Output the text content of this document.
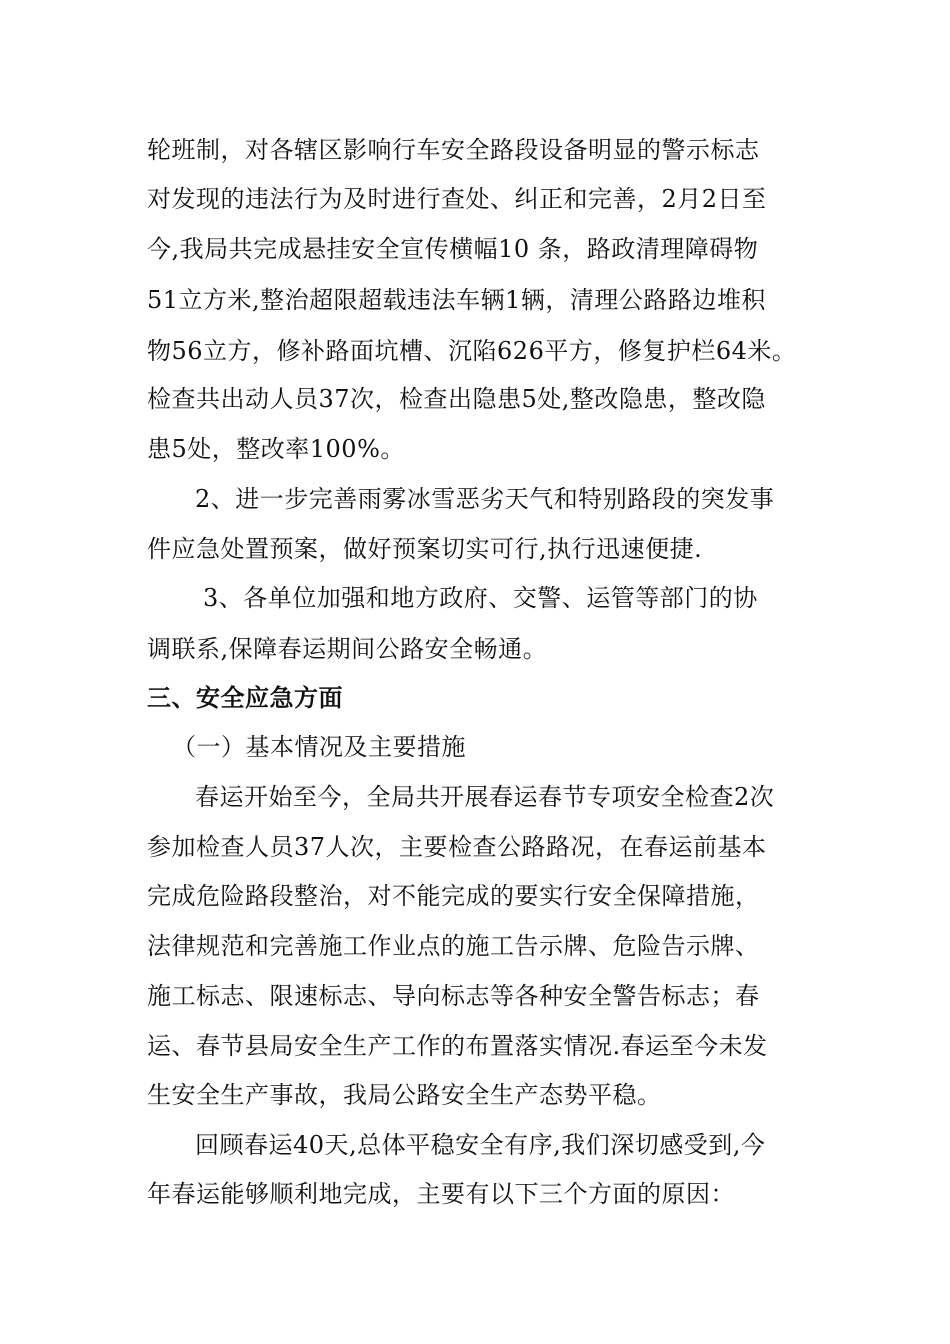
轮班制，对各辖区影响行车安全路段设备明显的警示标志
对发现的违法行为及时进行查处、纠正和完善，2月2日至
今,我局共完成悬挂安全宣传横幅10 条，路政清理障碍物
51立方米,整治超限超载违法车辆1辆，清理公路路边堆积
物56立方，修补路面坑槽、沉陷626平方，修复护栏64米。
检查共出动人员37次，检查出隐患5处,整改隐患，整改隐
患5处，整改率100%。
2、进一步完善雨雾冰雪恶劣天气和特别路段的突发事
件应急处置预案，做好预案切实可行,执行迅速便捷.
3、各单位加强和地方政府、交警、运管等部门的协
调联系,保障春运期间公路安全畅通。
三、安全应急方面
（一）基本情况及主要措施
春运开始至今，全局共开展春运春节专项安全检查2次
参加检查人员37人次，主要检查公路路况，在春运前基本
完成危险路段整治，对不能完成的要实行安全保障措施，
法律规范和完善施工作业点的施工告示牌、危险告示牌、
施工标志、限速标志、导向标志等各种安全警告标志；春
运、春节县局安全生产工作的布置落实情况.春运至今未发
生安全生产事故，我局公路安全生产态势平稳。
回顾春运40天,总体平稳安全有序,我们深切感受到,今
年春运能够顺利地完成，主要有以下三个方面的原因：
